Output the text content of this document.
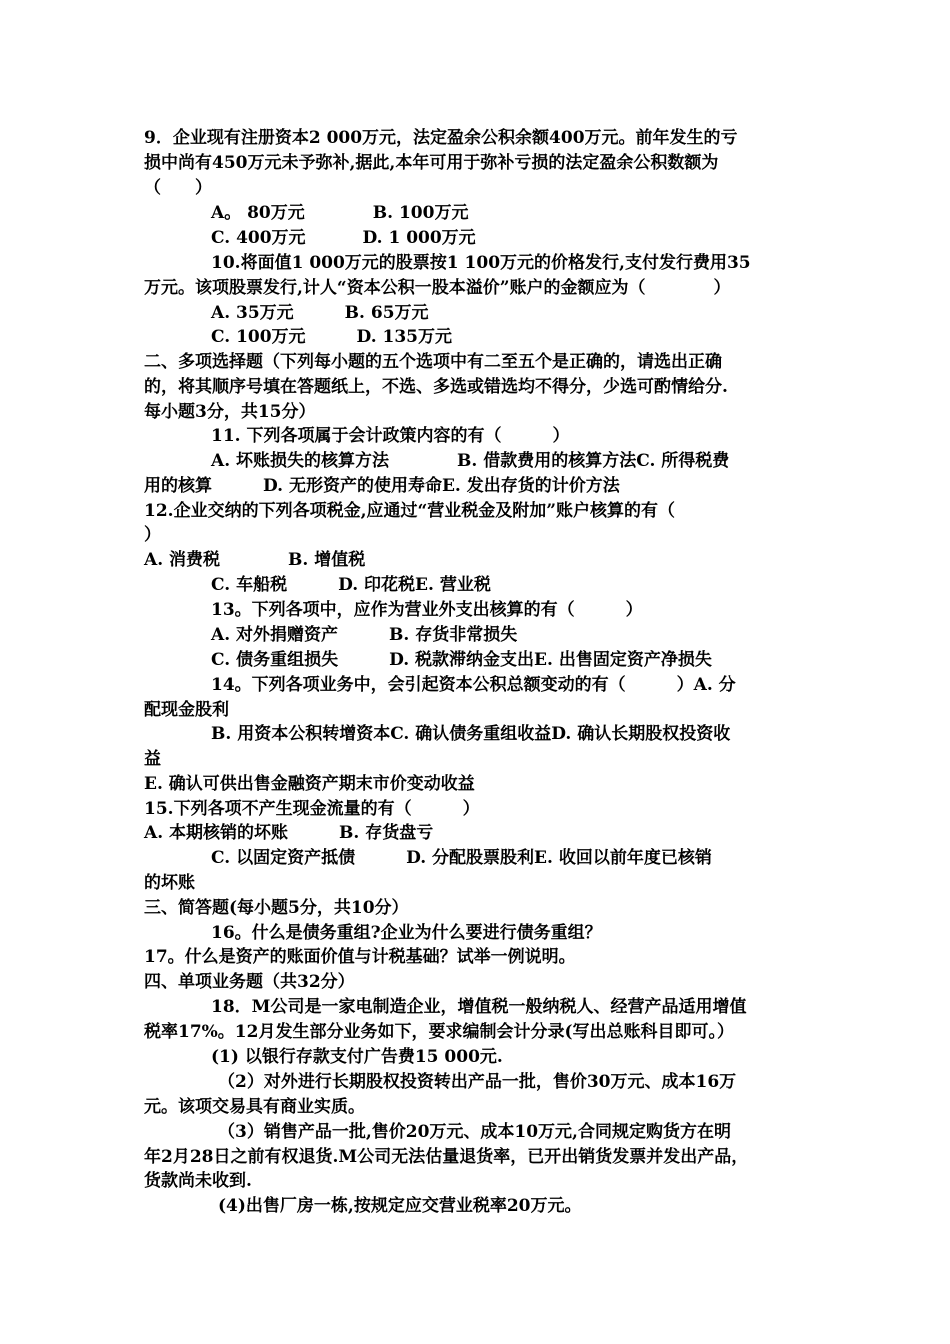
9．企业现有注册资本2 000万元，法定盈余公积余额400万元。前年发生的亏
损中尚有450万元未予弥补,据此,本年可用于弥补亏损的法定盈余公积数额为
（　　）
A。 80万元　　　　B. 100万元
C. 400万元　　　 D. 1 000万元
10.将面值1 000万元的股票按1 100万元的价格发行,支付发行费用35
万元。该项股票发行,计人“资本公积一股本溢价”账户的金额应为（　　　　）
A. 35万元　　　B. 65万元
C. 100万元　　　D. 135万元
二、多项选择题（下列每小题的五个选项中有二至五个是正确的，请选出正确
的，将其顺序号填在答题纸上，不选、多选或错选均不得分，少选可酌情给分.
每小题3分，共15分）
11. 下列各项属于会计政策内容的有（　　　）
A. 坏账损失的核算方法　　　　B. 借款费用的核算方法C. 所得税费
用的核算　　　D. 无形资产的使用寿命E. 发出存货的计价方法
12.企业交纳的下列各项税金,应通过“营业税金及附加”账户核算的有（
）
A. 消费税　　　　B. 增值税
C. 车船税　　　D. 印花税E. 营业税
13。下列各项中，应作为营业外支出核算的有（　　　）
A. 对外捐赠资产　　　B. 存货非常损失
C. 债务重组损失　　　D. 税款滞纳金支出E. 出售固定资产净损失
14。下列各项业务中，会引起资本公积总额变动的有（　　　）A. 分
配现金股利
B. 用资本公积转增资本C. 确认债务重组收益D. 确认长期股权投资收
益
E. 确认可供出售金融资产期末市价变动收益
15.下列各项不产生现金流量的有（　　　）
A. 本期核销的坏账　　　B. 存货盘亏
C. 以固定资产抵债　　　D. 分配股票股利E. 收回以前年度已核销
的坏账
三、简答题(每小题5分，共10分）
16。什么是债务重组?企业为什么要进行债务重组？
17。什么是资产的账面价值与计税基础？试举一例说明。
四、单项业务题（共32分）
18．M公司是一家电制造企业，增值税一般纳税人、经营产品适用增值
税率17%。12月发生部分业务如下，要求编制会计分录(写出总账科目即可。）
(1) 以银行存款支付广告费15 000元.
（2）对外进行长期股权投资转出产品一批，售价30万元、成本16万
元。该项交易具有商业实质。
（3）销售产品一批,售价20万元、成本10万元,合同规定购货方在明
年2月28日之前有权退货.M公司无法估量退货率，已开出销货发票并发出产品，
货款尚未收到.
(4)出售厂房一栋,按规定应交营业税率20万元。
